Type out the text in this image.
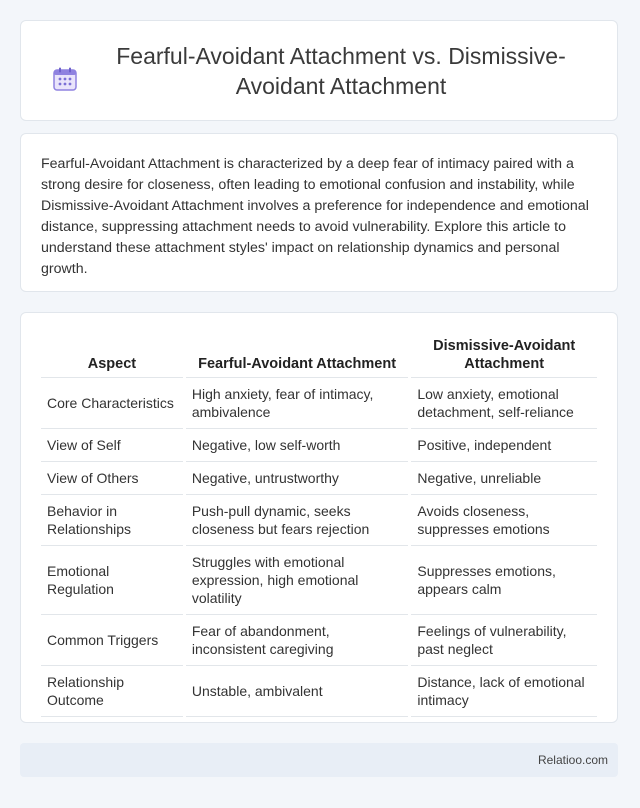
Fearful-Avoidant Attachment vs. Dismissive-Avoidant Attachment

Fearful-Avoidant Attachment is characterized by a deep fear of intimacy paired with a strong desire for closeness, often leading to emotional confusion and instability, while Dismissive-Avoidant Attachment involves a preference for independence and emotional distance, suppressing attachment needs to avoid vulnerability. Explore this article to understand these attachment styles' impact on relationship dynamics and personal growth.

Aspect	Fearful-Avoidant Attachment	Dismissive-Avoidant Attachment
Core Characteristics	High anxiety, fear of intimacy, ambivalence	Low anxiety, emotional detachment, self-reliance
View of Self	Negative, low self-worth	Positive, independent
View of Others	Negative, untrustworthy	Negative, unreliable
Behavior in Relationships	Push-pull dynamic, seeks closeness but fears rejection	Avoids closeness, suppresses emotions
Emotional Regulation	Struggles with emotional expression, high emotional volatility	Suppresses emotions, appears calm
Common Triggers	Fear of abandonment, inconsistent caregiving	Feelings of vulnerability, past neglect
Relationship Outcome	Unstable, ambivalent	Distance, lack of emotional intimacy
Relatioo.com
